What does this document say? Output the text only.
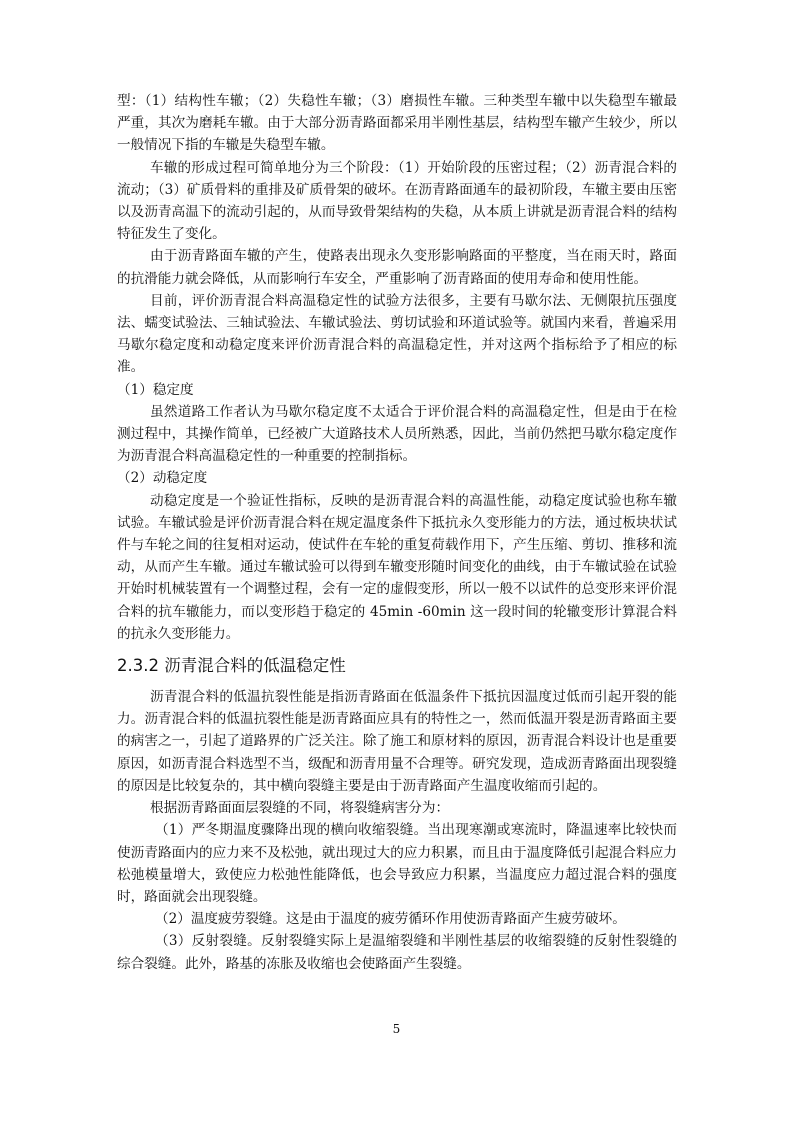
型：（1）结构性车辙；（2）失稳性车辙；（3）磨损性车辙。三种类型车辙中以失稳型车辙最严重，其次为磨耗车辙。由于大部分沥青路面都采用半刚性基层，结构型车辙产生较少，所以一般情况下指的车辙是失稳型车辙。

车辙的形成过程可简单地分为三个阶段：（1）开始阶段的压密过程；（2）沥青混合料的流动；（3）矿质骨料的重排及矿质骨架的破坏。在沥青路面通车的最初阶段，车辙主要由压密以及沥青高温下的流动引起的，从而导致骨架结构的失稳，从本质上讲就是沥青混合料的结构特征发生了变化。

由于沥青路面车辙的产生，使路表出现永久变形影响路面的平整度，当在雨天时，路面的抗滑能力就会降低，从而影响行车安全，严重影响了沥青路面的使用寿命和使用性能。

目前，评价沥青混合料高温稳定性的试验方法很多，主要有马歇尔法、无侧限抗压强度法、蠕变试验法、三轴试验法、车辙试验法、剪切试验和环道试验等。就国内来看，普遍采用马歇尔稳定度和动稳定度来评价沥青混合料的高温稳定性，并对这两个指标给予了相应的标准。

（1）稳定度

虽然道路工作者认为马歇尔稳定度不太适合于评价混合料的高温稳定性，但是由于在检测过程中，其操作简单，已经被广大道路技术人员所熟悉，因此，当前仍然把马歇尔稳定度作为沥青混合料高温稳定性的一种重要的控制指标。

（2）动稳定度

动稳定度是一个验证性指标，反映的是沥青混合料的高温性能，动稳定度试验也称车辙试验。车辙试验是评价沥青混合料在规定温度条件下抵抗永久变形能力的方法，通过板块状试件与车轮之间的往复相对运动，使试件在车轮的重复荷载作用下，产生压缩、剪切、推移和流动，从而产生车辙。通过车辙试验可以得到车辙变形随时间变化的曲线，由于车辙试验在试验开始时机械装置有一个调整过程，会有一定的虚假变形，所以一般不以试件的总变形来评价混合料的抗车辙能力，而以变形趋于稳定的 45min -60min 这一段时间的轮辙变形计算混合料的抗永久变形能力。

2.3.2 沥青混合料的低温稳定性

沥青混合料的低温抗裂性能是指沥青路面在低温条件下抵抗因温度过低而引起开裂的能力。沥青混合料的低温抗裂性能是沥青路面应具有的特性之一，然而低温开裂是沥青路面主要的病害之一，引起了道路界的广泛关注。除了施工和原材料的原因，沥青混合料设计也是重要原因，如沥青混合料选型不当，级配和沥青用量不合理等。研究发现，造成沥青路面出现裂缝的原因是比较复杂的，其中横向裂缝主要是由于沥青路面产生温度收缩而引起的。

根据沥青路面面层裂缝的不同，将裂缝病害分为：

（1）严冬期温度骤降出现的横向收缩裂缝。当出现寒潮或寒流时，降温速率比较快而使沥青路面内的应力来不及松弛，就出现过大的应力积累，而且由于温度降低引起混合料应力松弛模量增大，致使应力松弛性能降低，也会导致应力积累，当温度应力超过混合料的强度时，路面就会出现裂缝。

（2）温度疲劳裂缝。这是由于温度的疲劳循环作用使沥青路面产生疲劳破坏。

（3）反射裂缝。反射裂缝实际上是温缩裂缝和半刚性基层的收缩裂缝的反射性裂缝的综合裂缝。此外，路基的冻胀及收缩也会使路面产生裂缝。

5
